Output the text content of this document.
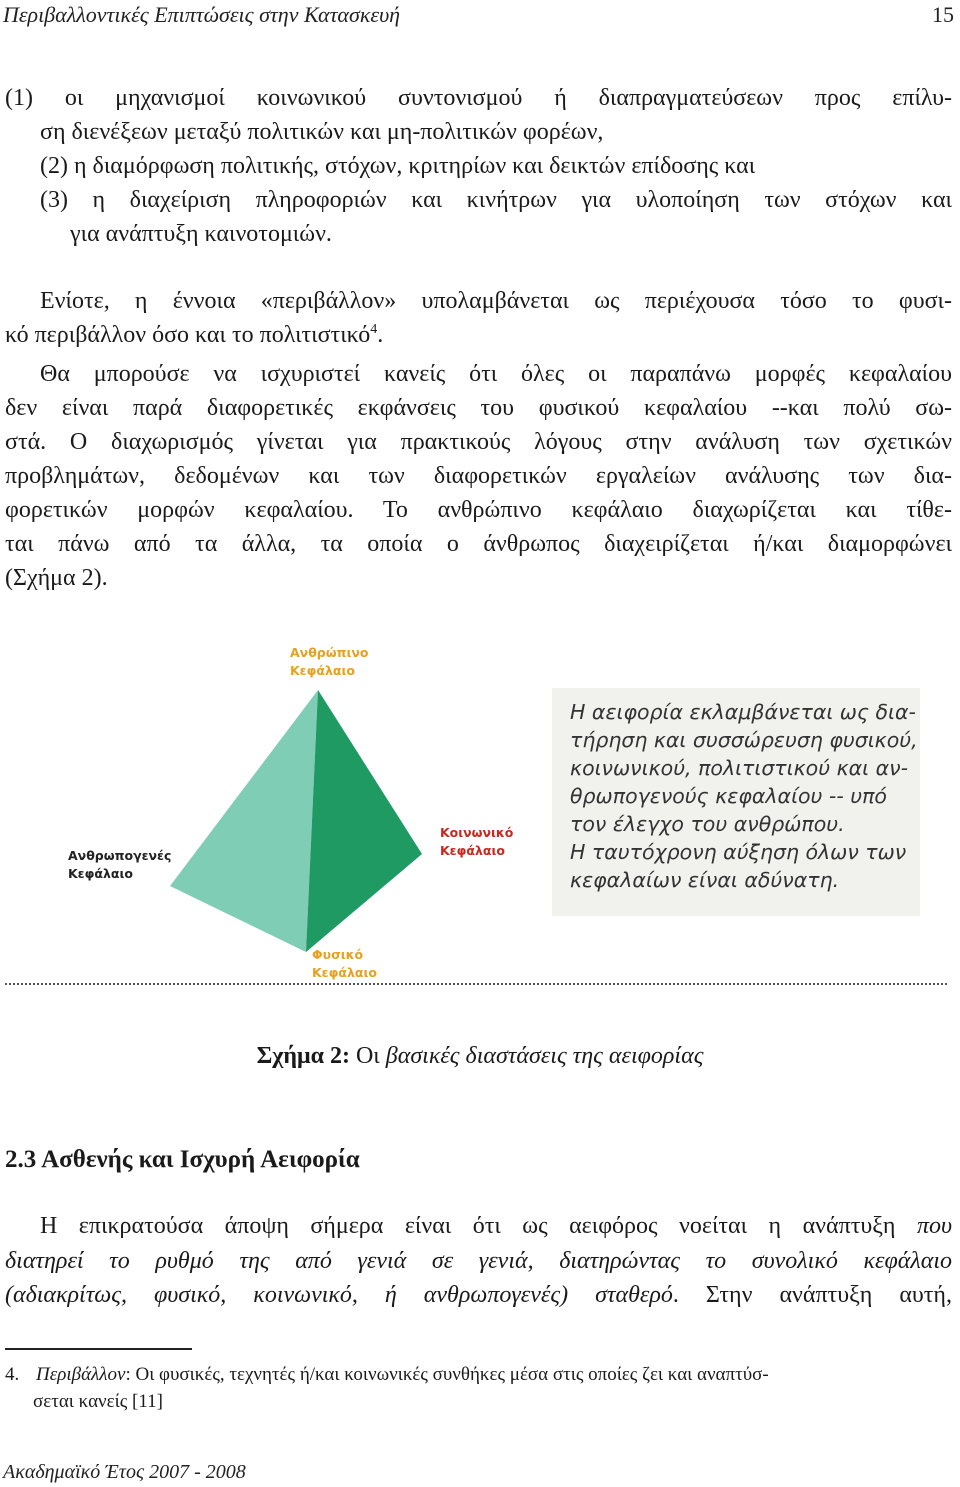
Περιβαλλοντικές Επιπτώσεις στην Κατασκευή	15
(1) οι μηχανισμοί κοινωνικού συντονισμού ή διαπραγματεύσεων προς επίλυ-
ση διενέξεων μεταξύ πολιτικών και μη-πολιτικών φορέων,
(2) η διαμόρφωση πολιτικής, στόχων, κριτηρίων και δεικτών επίδοσης και
(3) η διαχείριση πληροφοριών και κινήτρων για υλοποίηση των στόχων και
για ανάπτυξη καινοτομιών.
Ενίοτε, η έννοια «περιβάλλον» υπολαμβάνεται ως περιέχουσα τόσο το φυσι-
κό περιβάλλον όσο και το πολιτιστικό$^4$.
Θα μπορούσε να ισχυριστεί κανείς ότι όλες οι παραπάνω μορφές κεφαλαίου
δεν είναι παρά διαφορετικές εκφάνσεις του φυσικού κεφαλαίου --και πολύ σω-
στά. Ο διαχωρισμός γίνεται για πρακτικούς λόγους στην ανάλυση των σχετικών
προβλημάτων, δεδομένων και των διαφορετικών εργαλείων ανάλυσης των δια-
φορετικών μορφών κεφαλαίου. Το ανθρώπινο κεφάλαιο διαχωρίζεται και τίθε-
ται πάνω από τα άλλα, τα οποία ο άνθρωπος διαχειρίζεται ή/και διαμορφώνει
(Σχήμα 2).
Ανθρώπινο
Κεφάλαιο
Ανθρωπογενές
Κεφάλαιο
Κοινωνικό
Κεφάλαιο
Φυσικό
Κεφάλαιο
Η αειφορία εκλαμβάνεται ως δια-
τήρηση και συσσώρευση φυσικού,
κοινωνικού, πολιτιστικού και αν-
θρωπογενούς κεφαλαίου -- υπό
τον έλεγχο του ανθρώπου.
Η ταυτόχρονη αύξηση όλων των
κεφαλαίων είναι αδύνατη.
Σχήμα 2: Οι βασικές διαστάσεις της αειφορίας
2.3 Ασθενής και Ισχυρή Αειφορία
Η επικρατούσα άποψη σήμερα είναι ότι ως αειφόρος νοείται η ανάπτυξη που
διατηρεί το ρυθμό της από γενιά σε γενιά, διατηρώντας το συνολικό κεφάλαιο
(αδιακρίτως, φυσικό, κοινωνικό, ή ανθρωπογενές) σταθερό. Στην ανάπτυξη αυτή,
4. Περιβάλλον: Οι φυσικές, τεχνητές ή/και κοινωνικές συνθήκες μέσα στις οποίες ζει και αναπτύσ-
σεται κανείς [11]
Ακαδημαϊκό Έτος 2007 - 2008
